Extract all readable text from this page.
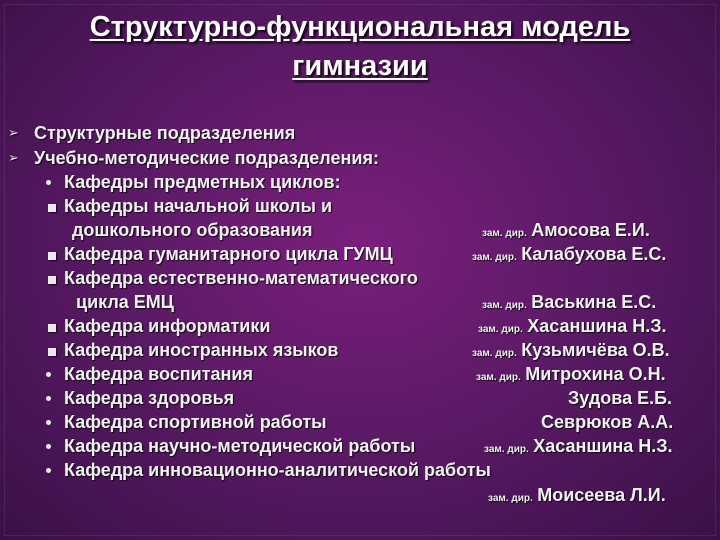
Структурно-функциональная модель
гимназии
➢ Структурные подразделения
➢ Учебно-методические подразделения:
Кафедры предметных циклов:
Кафедры начальной школы и
дошкольного образования	зам. дир. Амосова Е.И.
Кафедра гуманитарного цикла ГУМЦ	зам. дир. Калабухова Е.С.
Кафедра естественно-математического
цикла ЕМЦ	зам. дир. Васькина Е.С.
Кафедра информатики	зам. дир. Хасаншина Н.З.
Кафедра иностранных языков	зам. дир. Кузьмичёва О.В.
Кафедра воспитания	зам. дир. Митрохина О.Н.
Кафедра здоровья	Зудова Е.Б.
Кафедра спортивной работы	Севрюков А.А.
Кафедра научно-методической работы	зам. дир. Хасаншина Н.З.
Кафедра инновационно-аналитической работы
зам. дир. Моисеева Л.И.
